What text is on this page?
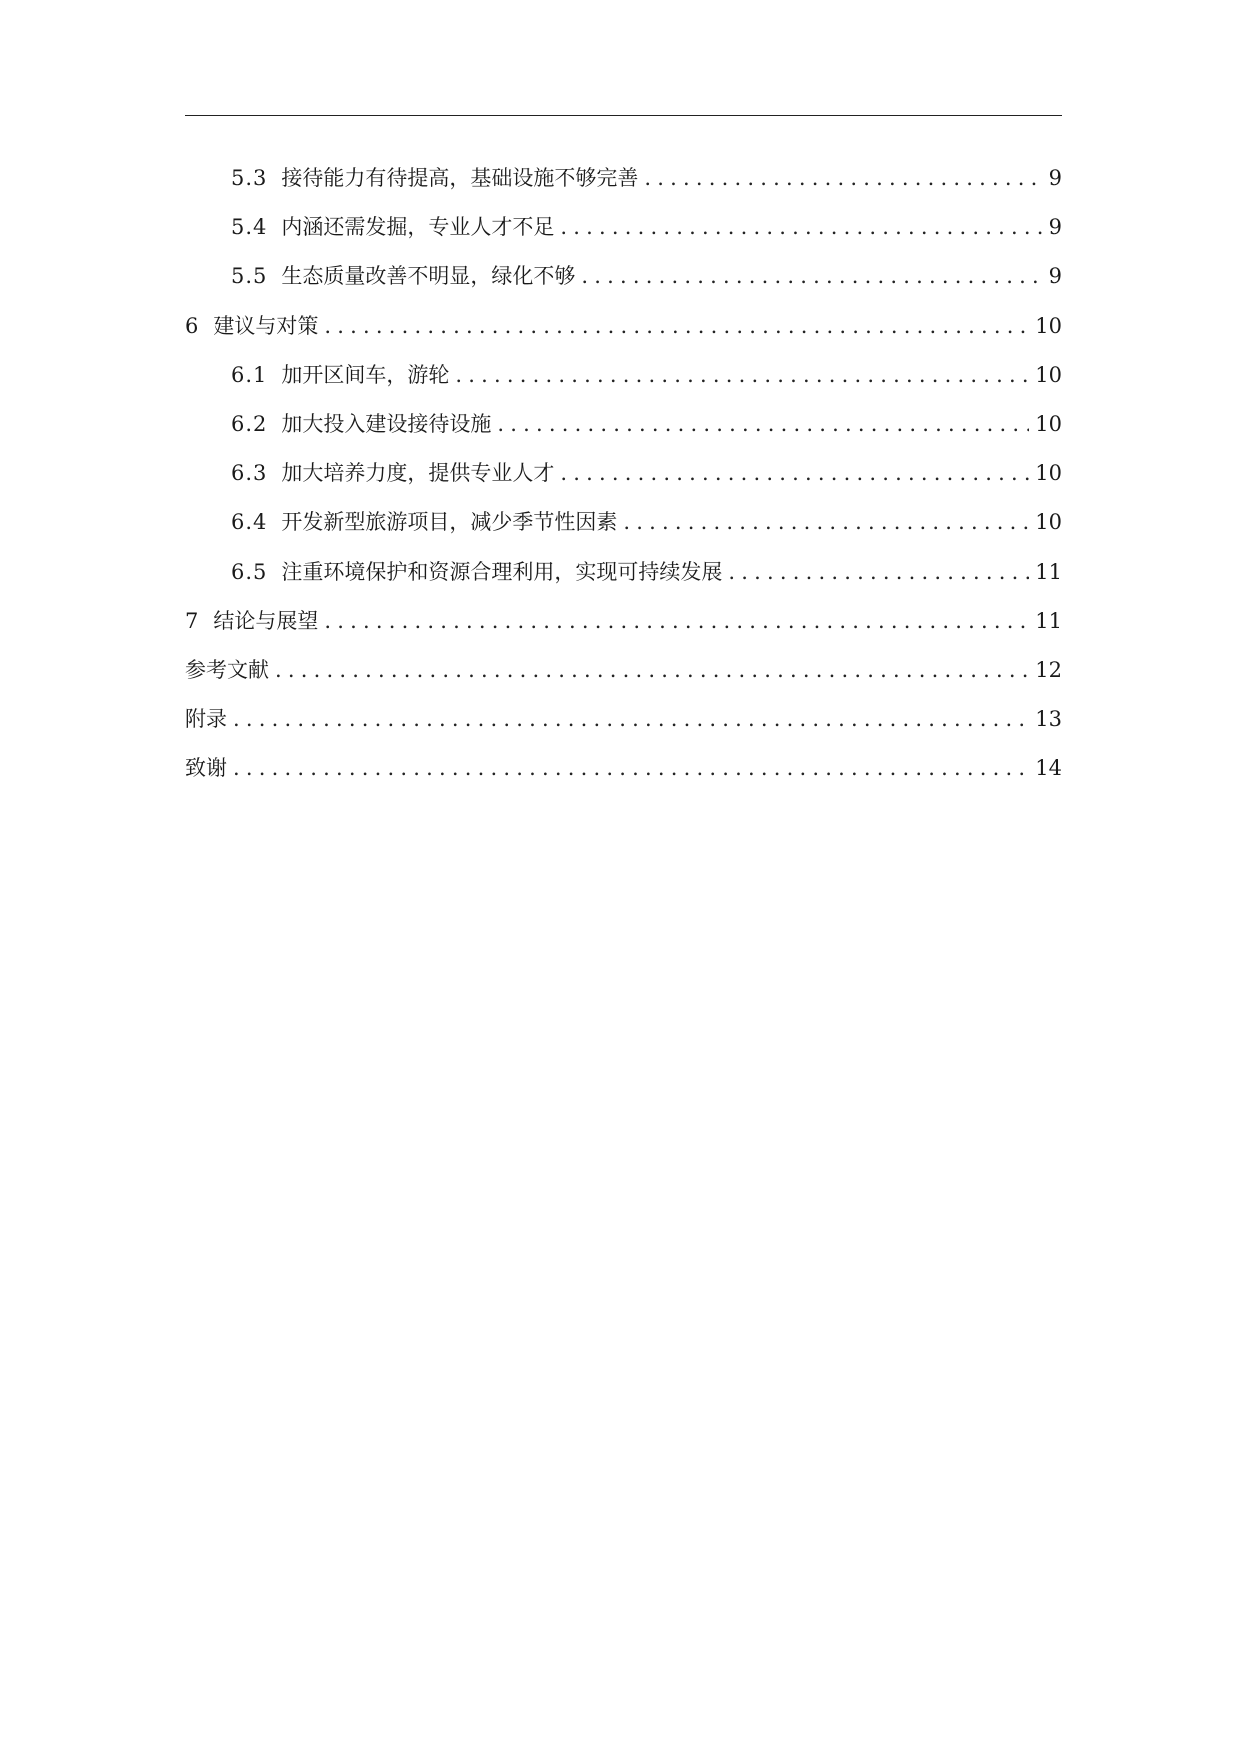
5.3 接待能力有待提高，基础设施不够完善 .....	9
5.4 内涵还需发掘，专业人才不足 .....	9
5.5 生态质量改善不明显，绿化不够 .....	9
6 建议与对策 .....	10
6.1 加开区间车，游轮 .....	10
6.2 加大投入建设接待设施 .....	10
6.3 加大培养力度，提供专业人才 .....	10
6.4 开发新型旅游项目，减少季节性因素 .....	10
6.5 注重环境保护和资源合理利用，实现可持续发展 .....	11
7 结论与展望 .....	11
参考文献 .....	12
附录 .....	13
致谢 .....	14
